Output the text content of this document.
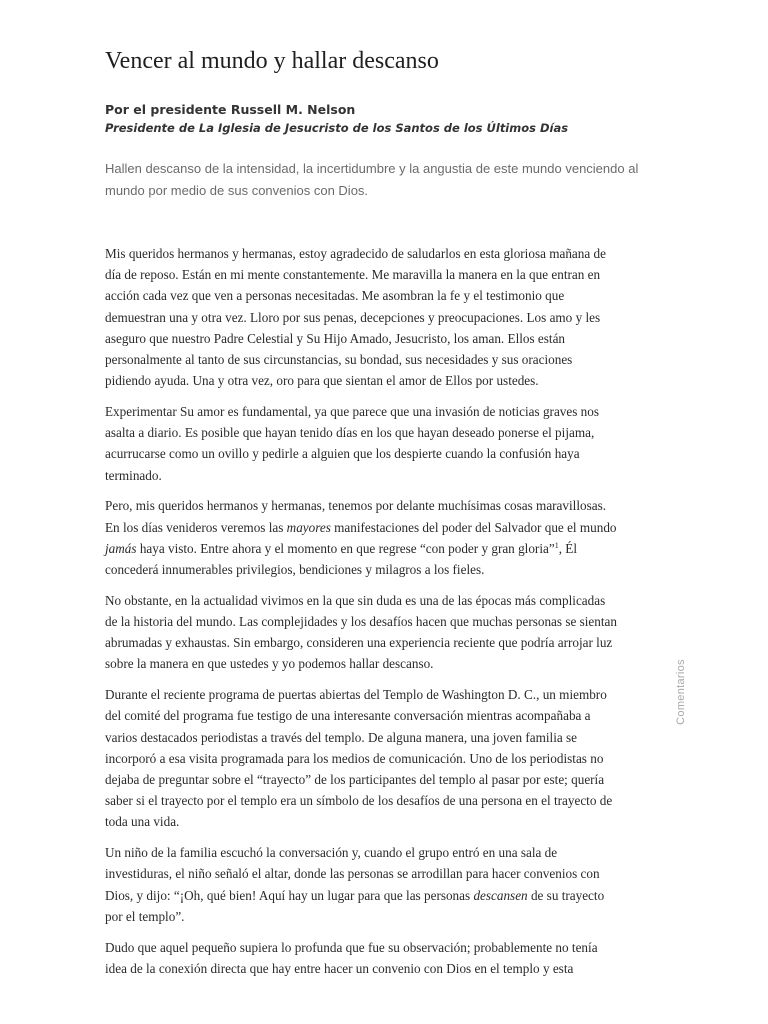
Vencer al mundo y hallar descanso
Por el presidente Russell M. Nelson
Presidente de La Iglesia de Jesucristo de los Santos de los Últimos Días

Hallen descanso de la intensidad, la incertidumbre y la angustia de este mundo venciendo al
mundo por medio de sus convenios con Dios.

Mis queridos hermanos y hermanas, estoy agradecido de saludarlos en esta gloriosa mañana de
día de reposo. Están en mi mente constantemente. Me maravilla la manera en la que entran en
acción cada vez que ven a personas necesitadas. Me asombran la fe y el testimonio que
demuestran una y otra vez. Lloro por sus penas, decepciones y preocupaciones. Los amo y les
aseguro que nuestro Padre Celestial y Su Hijo Amado, Jesucristo, los aman. Ellos están
personalmente al tanto de sus circunstancias, su bondad, sus necesidades y sus oraciones
pidiendo ayuda. Una y otra vez, oro para que sientan el amor de Ellos por ustedes.

Experimentar Su amor es fundamental, ya que parece que una invasión de noticias graves nos
asalta a diario. Es posible que hayan tenido días en los que hayan deseado ponerse el pijama,
acurrucarse como un ovillo y pedirle a alguien que los despierte cuando la confusión haya
terminado.

Pero, mis queridos hermanos y hermanas, tenemos por delante muchísimas cosas maravillosas.
En los días venideros veremos las mayores manifestaciones del poder del Salvador que el mundo
jamás haya visto. Entre ahora y el momento en que regrese “con poder y gran gloria”$^1$, Él
concederá innumerables privilegios, bendiciones y milagros a los fieles.

No obstante, en la actualidad vivimos en la que sin duda es una de las épocas más complicadas
de la historia del mundo. Las complejidades y los desafíos hacen que muchas personas se sientan
abrumadas y exhaustas. Sin embargo, consideren una experiencia reciente que podría arrojar luz
sobre la manera en que ustedes y yo podemos hallar descanso.

Durante el reciente programa de puertas abiertas del Templo de Washington D. C., un miembro
del comité del programa fue testigo de una interesante conversación mientras acompañaba a
varios destacados periodistas a través del templo. De alguna manera, una joven familia se
incorporó a esa visita programada para los medios de comunicación. Uno de los periodistas no
dejaba de preguntar sobre el “trayecto” de los participantes del templo al pasar por este; quería
saber si el trayecto por el templo era un símbolo de los desafíos de una persona en el trayecto de
toda una vida.

Un niño de la familia escuchó la conversación y, cuando el grupo entró en una sala de
investiduras, el niño señaló el altar, donde las personas se arrodillan para hacer convenios con
Dios, y dijo: “¡Oh, qué bien! Aquí hay un lugar para que las personas descansen de su trayecto
por el templo”.

Dudo que aquel pequeño supiera lo profunda que fue su observación; probablemente no tenía
idea de la conexión directa que hay entre hacer un convenio con Dios en el templo y esta

Comentarios
